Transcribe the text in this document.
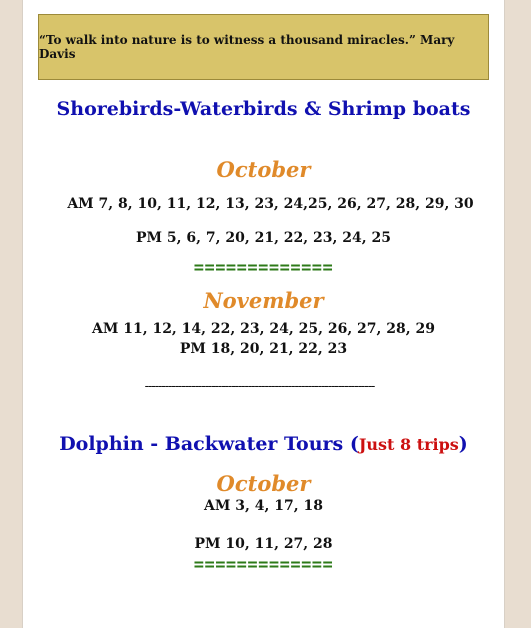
“To walk into nature is to witness a thousand miracles.” Mary Davis
Shorebirds-Waterbirds & Shrimp boats
October
AM 7, 8, 10, 11, 12, 13, 23, 24,25, 26, 27, 28, 29, 30
PM 5, 6, 7, 20, 21, 22, 23, 24, 25
=============
November
AM 11, 12, 14, 22, 23, 24, 25, 26, 27, 28, 29
PM 18, 20, 21, 22, 23
---------------------------------------------------------------------
Dolphin - Backwater Tours (Just 8 trips)
October
AM 3, 4, 17, 18
PM 10, 11, 27, 28
=============
